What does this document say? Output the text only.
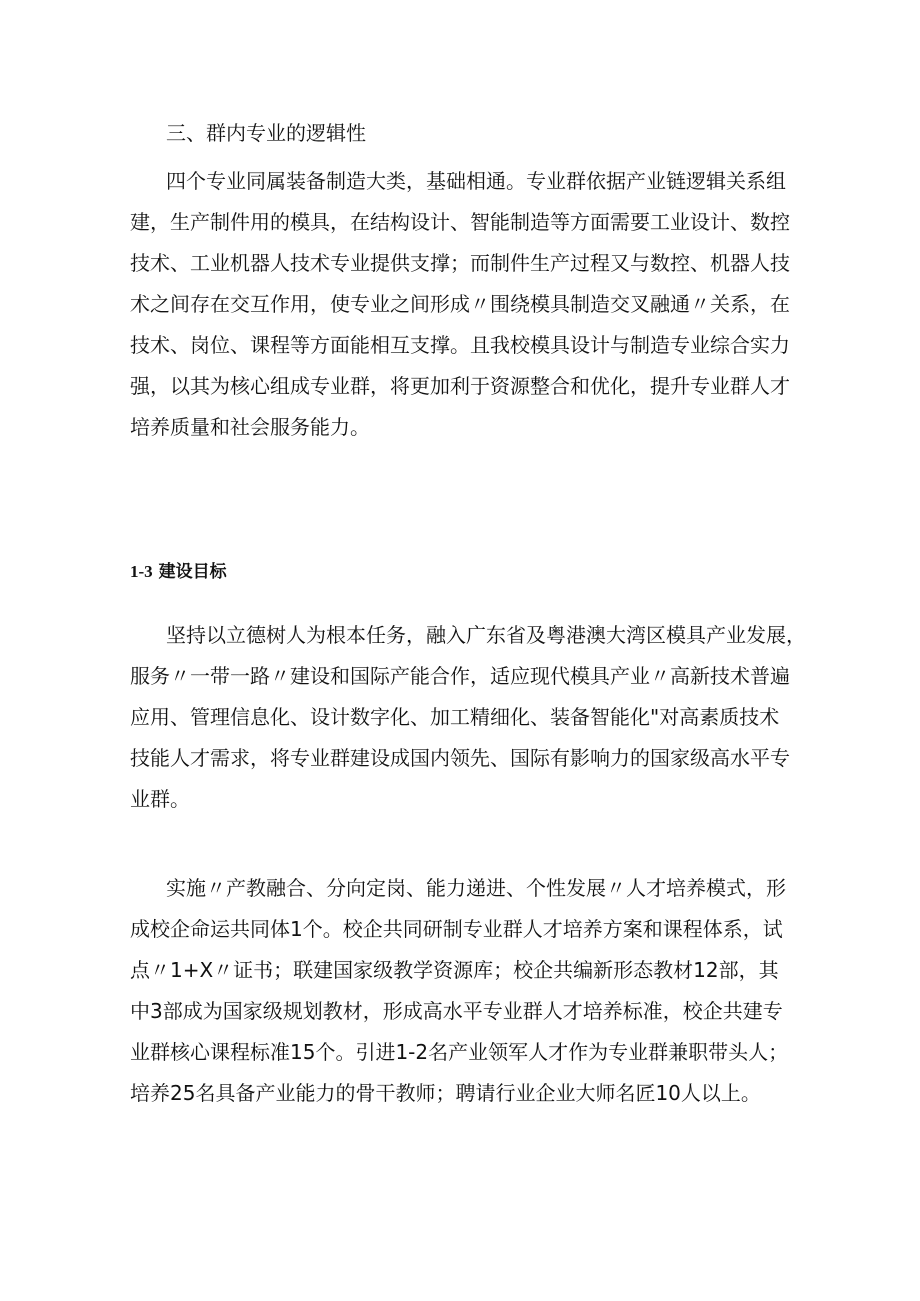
三、群内专业的逻辑性

四个专业同属装备制造大类，基础相通。专业群依据产业链逻辑关系组
建，生产制件用的模具，在结构设计、智能制造等方面需要工业设计、数控
技术、工业机器人技术专业提供支撑；而制件生产过程又与数控、机器人技
术之间存在交互作用，使专业之间形成〃围绕模具制造交叉融通〃关系，在
技术、岗位、课程等方面能相互支撑。且我校模具设计与制造专业综合实力
强，以其为核心组成专业群，将更加利于资源整合和优化，提升专业群人才
培养质量和社会服务能力。

1-3 建设目标

坚持以立德树人为根本任务，融入广东省及粤港澳大湾区模具产业发展，
服务〃一带一路〃建设和国际产能合作，适应现代模具产业〃高新技术普遍
应用、管理信息化、设计数字化、加工精细化、装备智能化"对高素质技术
技能人才需求，将专业群建设成国内领先、国际有影响力的国家级高水平专
业群。

实施〃产教融合、分向定岗、能力递进、个性发展〃人才培养模式，形
成校企命运共同体1个。校企共同研制专业群人才培养方案和课程体系，试
点〃1+X〃证书；联建国家级教学资源库；校企共编新形态教材12部，其
中3部成为国家级规划教材，形成高水平专业群人才培养标准，校企共建专
业群核心课程标准15个。引进1-2名产业领军人才作为专业群兼职带头人；
培养25名具备产业能力的骨干教师；聘请行业企业大师名匠10人以上。
